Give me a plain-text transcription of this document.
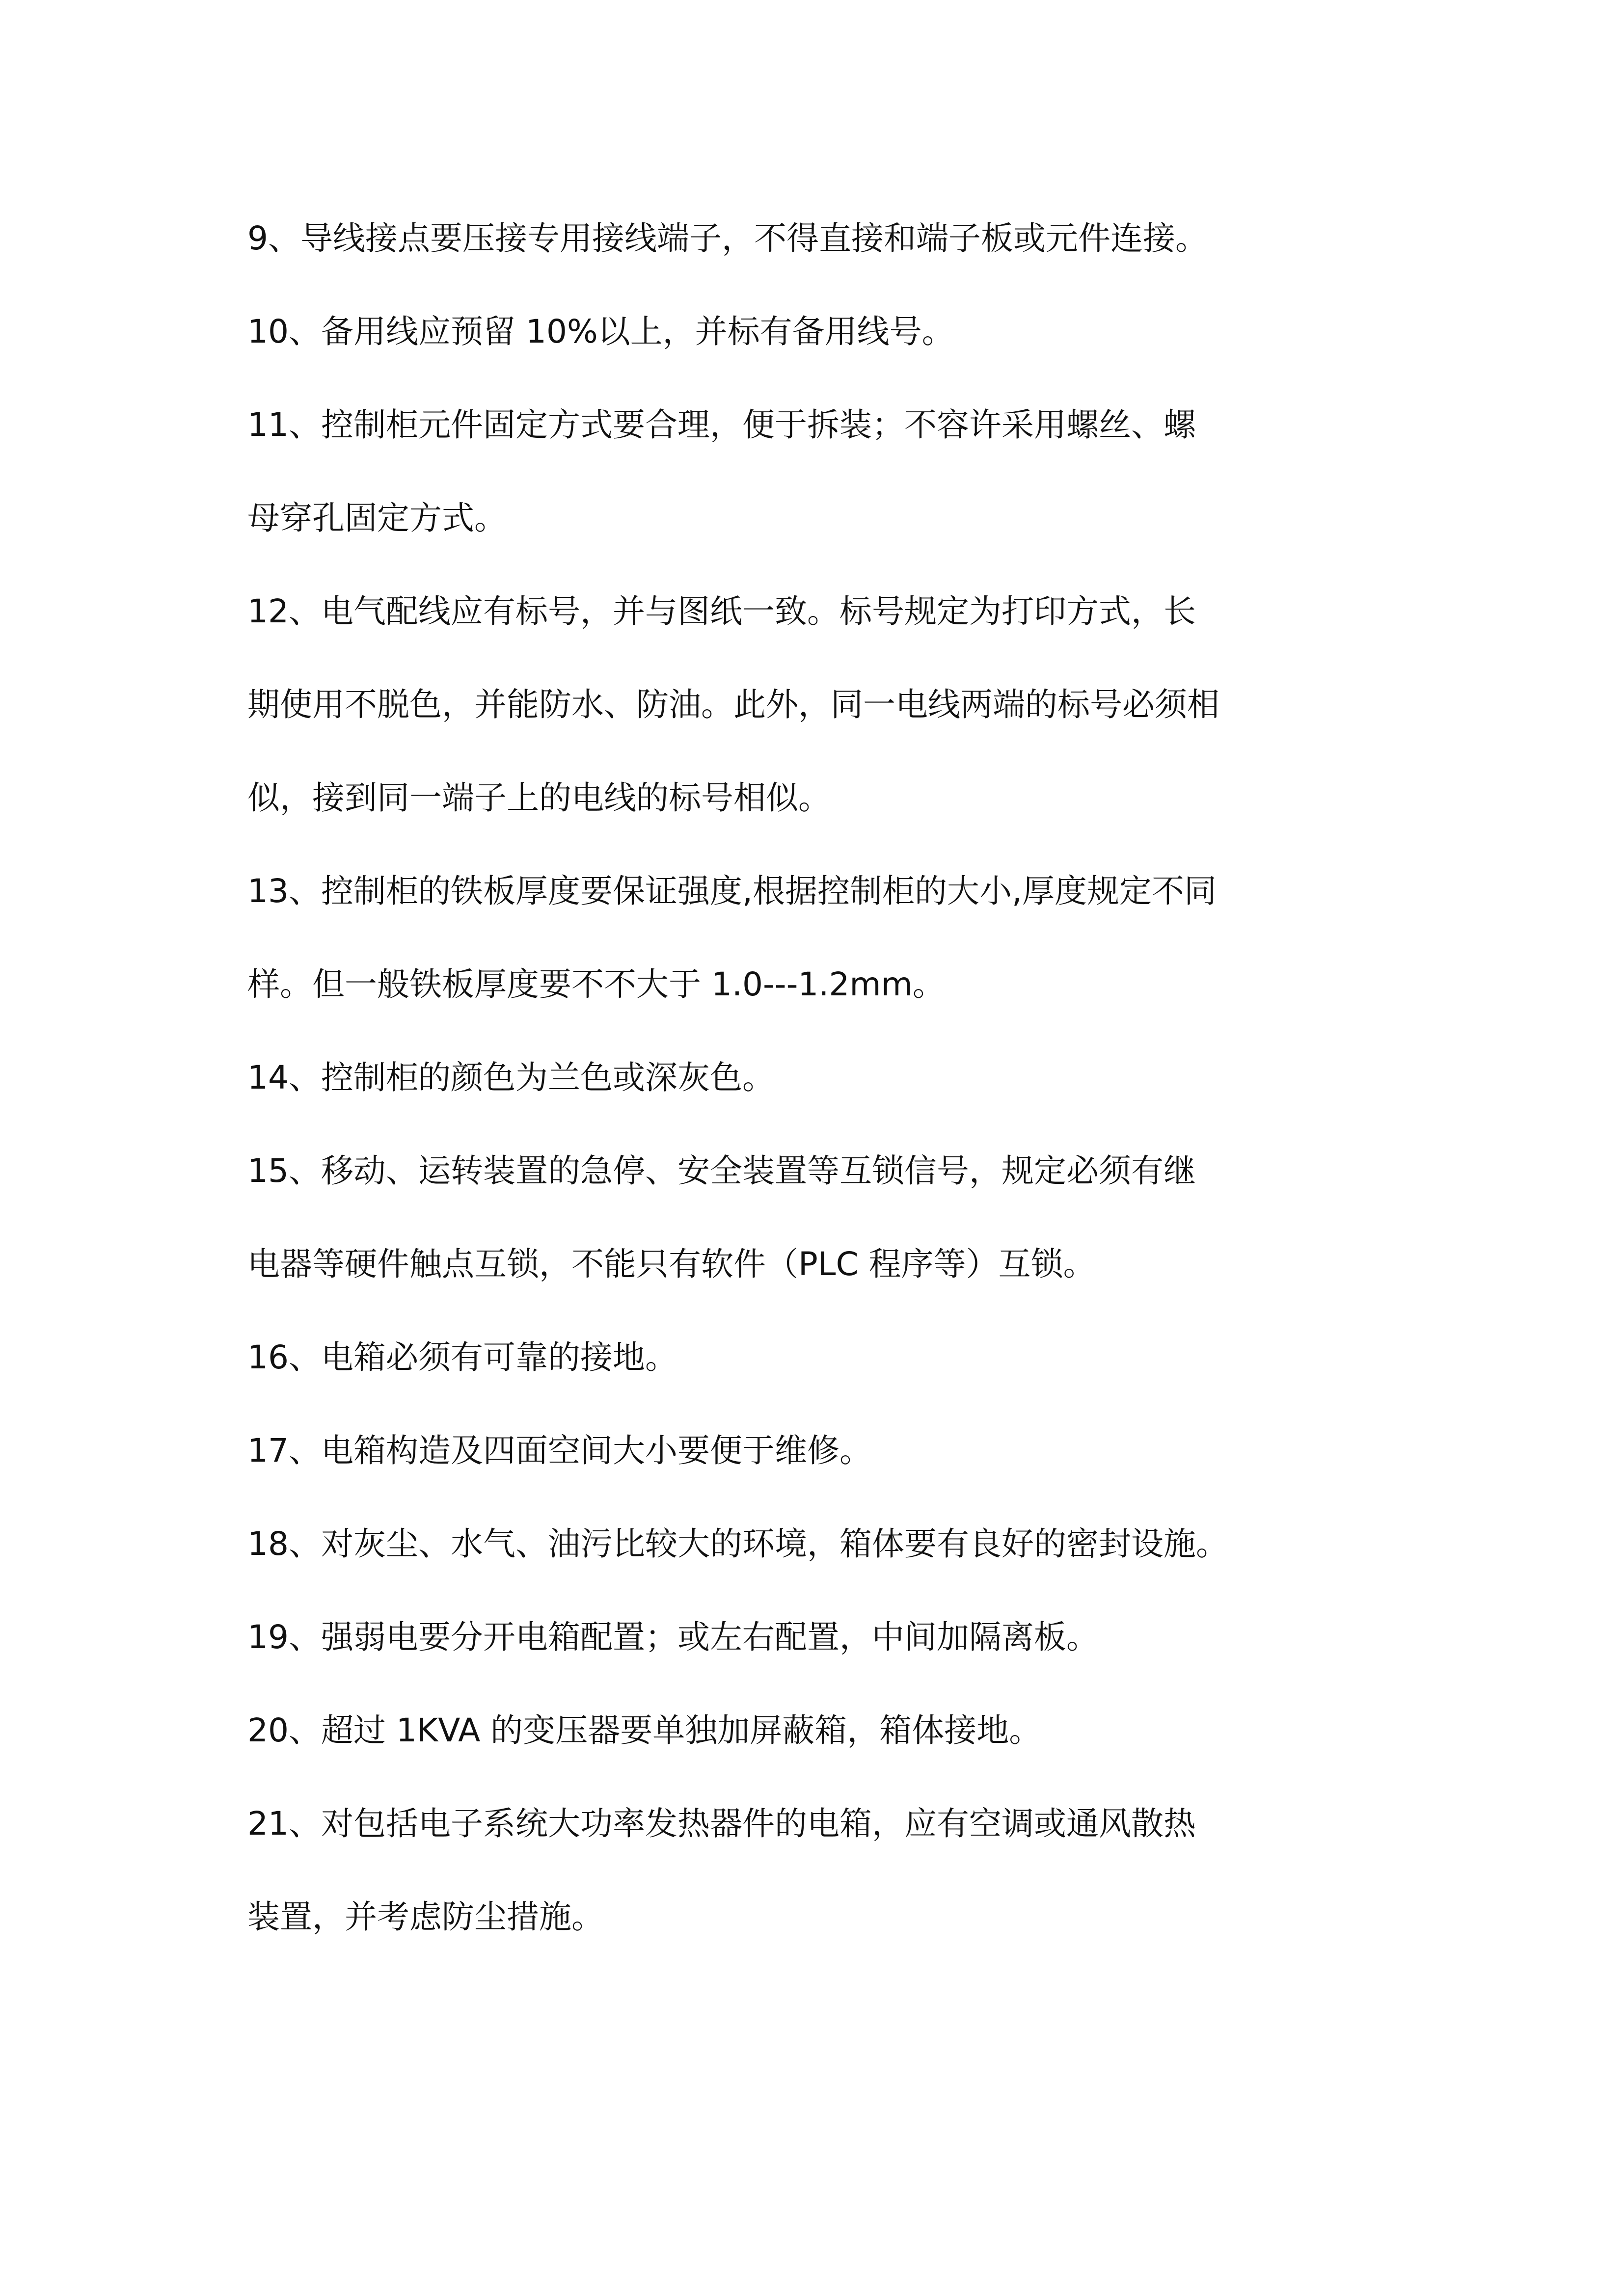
9、导线接点要压接专用接线端子，不得直接和端子板或元件连接。
10、备用线应预留 10%以上，并标有备用线号。
11、控制柜元件固定方式要合理，便于拆装；不容许采用螺丝、螺
母穿孔固定方式。
12、电气配线应有标号，并与图纸一致。标号规定为打印方式，长
期使用不脱色，并能防水、防油。此外，同一电线两端的标号必须相
似，接到同一端子上的电线的标号相似。
13、控制柜的铁板厚度要保证强度,根据控制柜的大小,厚度规定不同
样。但一般铁板厚度要不不大于 1.0---1.2mm。
14、控制柜的颜色为兰色或深灰色。
15、移动、运转装置的急停、安全装置等互锁信号，规定必须有继
电器等硬件触点互锁，不能只有软件（PLC 程序等）互锁。
16、电箱必须有可靠的接地。
17、电箱构造及四面空间大小要便于维修。
18、对灰尘、水气、油污比较大的环境，箱体要有良好的密封设施。
19、强弱电要分开电箱配置；或左右配置，中间加隔离板。
20、超过 1KVA 的变压器要单独加屏蔽箱，箱体接地。
21、对包括电子系统大功率发热器件的电箱，应有空调或通风散热
装置，并考虑防尘措施。
